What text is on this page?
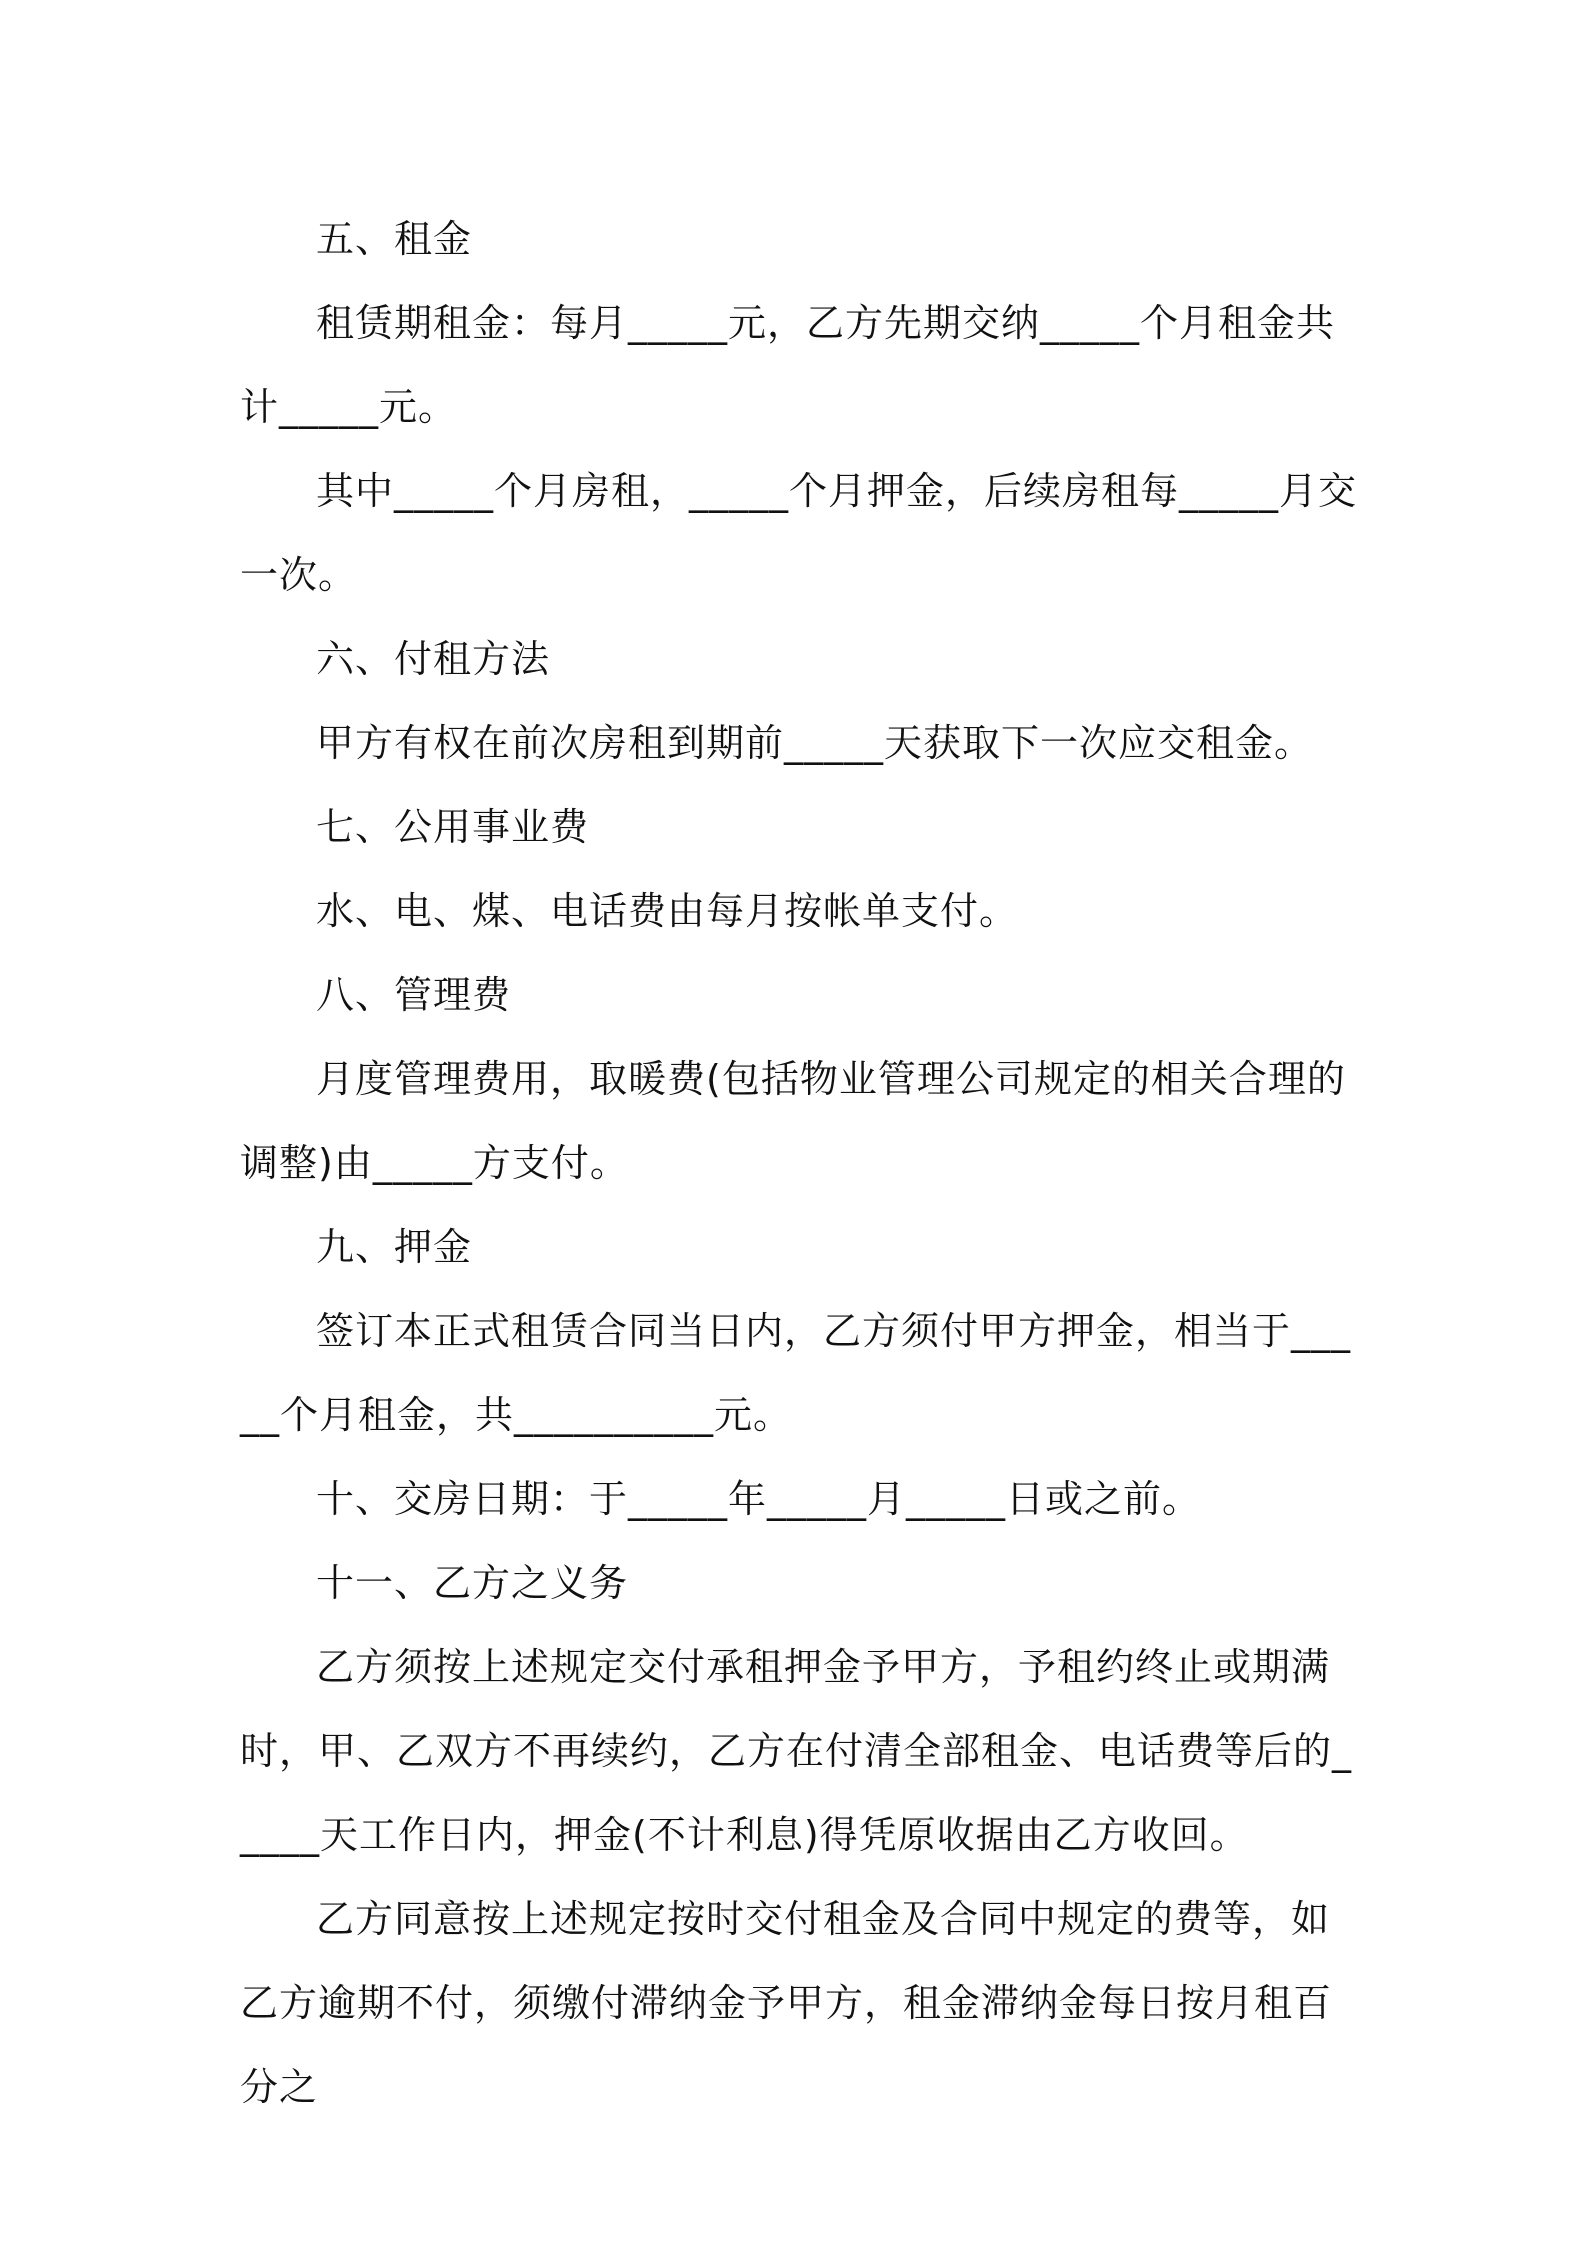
五、租金

租赁期租金：每月_____元，乙方先期交纳_____个月租金共计_____元。

其中_____个月房租，_____个月押金，后续房租每_____月交一次。

六、付租方法

甲方有权在前次房租到期前_____天获取下一次应交租金。

七、公用事业费

水、电、煤、电话费由每月按帐单支付。

八、管理费

月度管理费用，取暖费(包括物业管理公司规定的相关合理的调整)由_____方支付。

九、押金

签订本正式租赁合同当日内，乙方须付甲方押金，相当于_____个月租金，共__________元。

十、交房日期：于_____年_____月_____日或之前。

十一、乙方之义务

乙方须按上述规定交付承租押金予甲方，予租约终止或期满时，甲、乙双方不再续约，乙方在付清全部租金、电话费等后的_____天工作日内，押金(不计利息)得凭原收据由乙方收回。

乙方同意按上述规定按时交付租金及合同中规定的费等，如乙方逾期不付，须缴付滞纳金予甲方，租金滞纳金每日按月租百分之
